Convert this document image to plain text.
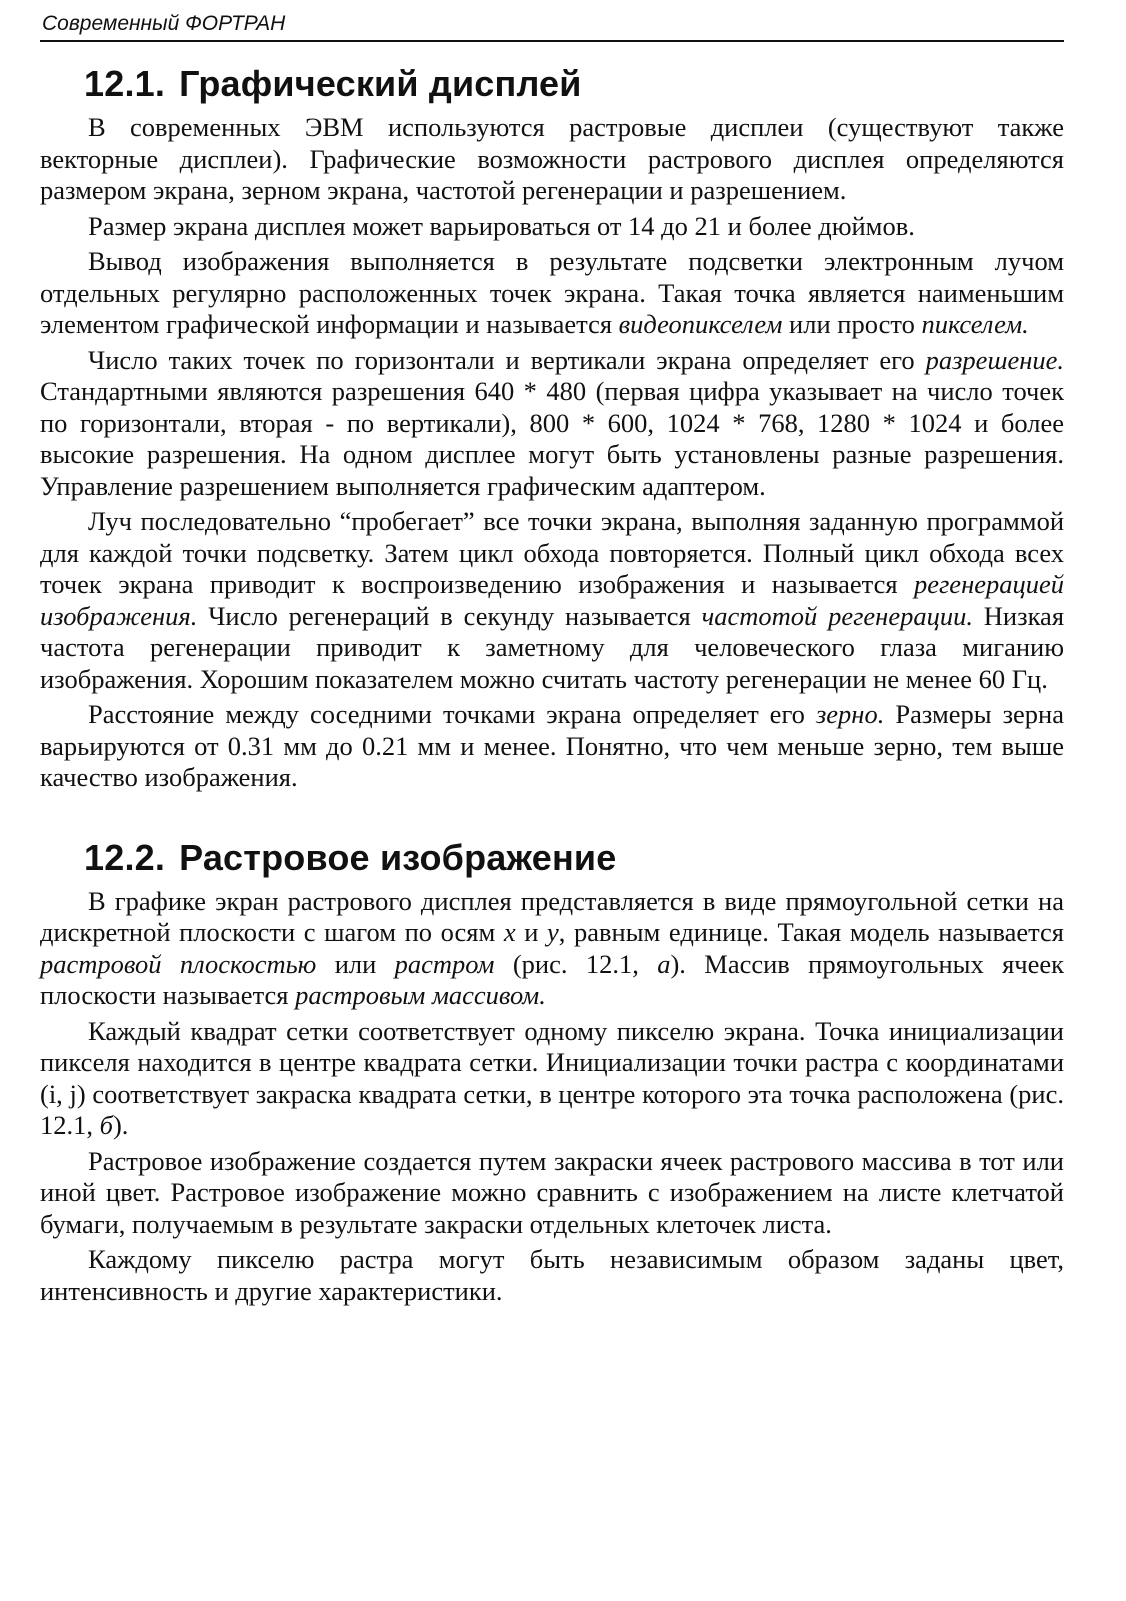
Современный ФОРТРАН
12.1. Графический дисплей

В современных ЭВМ используются растровые дисплеи (существуют также векторные дисплеи). Графические возможности растрового дисплея определяются размером экрана, зерном экрана, частотой регенерации и разрешением.

Размер экрана дисплея может варьироваться от 14 до 21 и более дюймов.

Вывод изображения выполняется в результате подсветки электронным лучом отдельных регулярно расположенных точек экрана. Такая точка является наименьшим элементом графической информации и называется видеопикселем или просто пикселем.

Число таких точек по горизонтали и вертикали экрана определяет его разрешение. Стандартными являются разрешения 640 * 480 (первая цифра указывает на число точек по горизонтали, вторая - по вертикали), 800 * 600, 1024 * 768, 1280 * 1024 и более высокие разрешения. На одном дисплее могут быть установлены разные разрешения. Управление разрешением выполняется графическим адаптером.

Луч последовательно “пробегает” все точки экрана, выполняя заданную программой для каждой точки подсветку. Затем цикл обхода повторяется. Полный цикл обхода всех точек экрана приводит к воспроизведению изображения и называется регенерацией изображения. Число регенераций в секунду называется частотой регенерации. Низкая частота регенерации приводит к заметному для человеческого глаза миганию изображения. Хорошим показателем можно считать частоту регенерации не менее 60 Гц.

Расстояние между соседними точками экрана определяет его зерно. Размеры зерна варьируются от 0.31 мм до 0.21 мм и менее. Понятно, что чем меньше зерно, тем выше качество изображения.

12.2. Растровое изображение

В графике экран растрового дисплея представляется в виде прямоугольной сетки на дискретной плоскости с шагом по осям x и y, равным единице. Такая модель называется растровой плоскостью или растром (рис. 12.1, а). Массив прямоугольных ячеек плоскости называется растровым массивом.

Каждый квадрат сетки соответствует одному пикселю экрана. Точка инициализации пикселя находится в центре квадрата сетки. Инициализации точки растра с координатами (i, j) соответствует закраска квадрата сетки, в центре которого эта точка расположена (рис. 12.1, б).

Растровое изображение создается путем закраски ячеек растрового массива в тот или иной цвет. Растровое изображение можно сравнить с изображением на листе клетчатой бумаги, получаемым в результате закраски отдельных клеточек листа.

Каждому пикселю растра могут быть независимым образом заданы цвет, интенсивность и другие характеристики.
